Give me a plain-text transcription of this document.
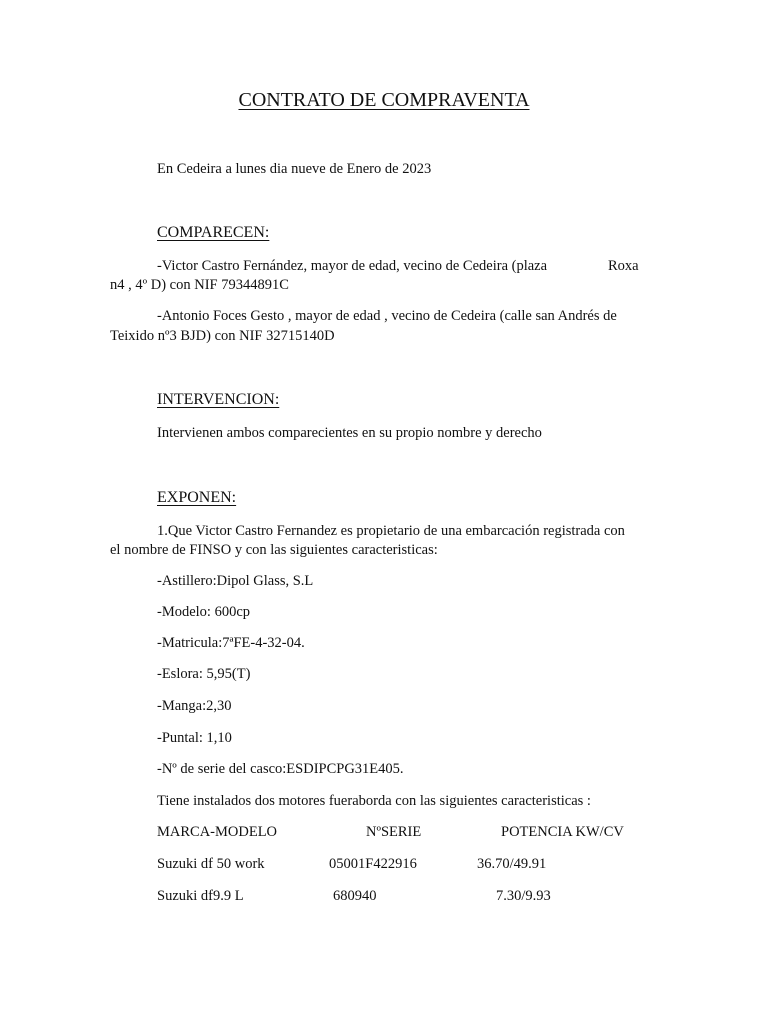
CONTRATO DE COMPRAVENTA
En Cedeira a lunes dia nueve de Enero de 2023
COMPARECEN:
-Victor Castro Fernández, mayor de edad, vecino de Cedeira (plaza	Roxa
n4 , 4º D) con NIF 79344891C
-Antonio Foces Gesto , mayor de edad , vecino de Cedeira (calle san Andrés de
Teixido nº3 BJD) con NIF 32715140D
INTERVENCION:
Intervienen ambos comparecientes en su propio nombre y derecho
EXPONEN:
1.Que Victor Castro Fernandez es propietario de una embarcación registrada con
el nombre de FINSO y con las siguientes caracteristicas:
-Astillero:Dipol Glass, S.L
-Modelo: 600cp
-Matricula:7ªFE-4-32-04.
-Eslora: 5,95(T)
-Manga:2,30
-Puntal: 1,10
-Nº de serie del casco:ESDIPCPG31E405.
Tiene instalados dos motores fueraborda con las siguientes caracteristicas :
MARCA-MODELO	NºSERIE	POTENCIA KW/CV
Suzuki df 50 work	05001F422916	36.70/49.91
Suzuki df9.9 L	680940	7.30/9.93
